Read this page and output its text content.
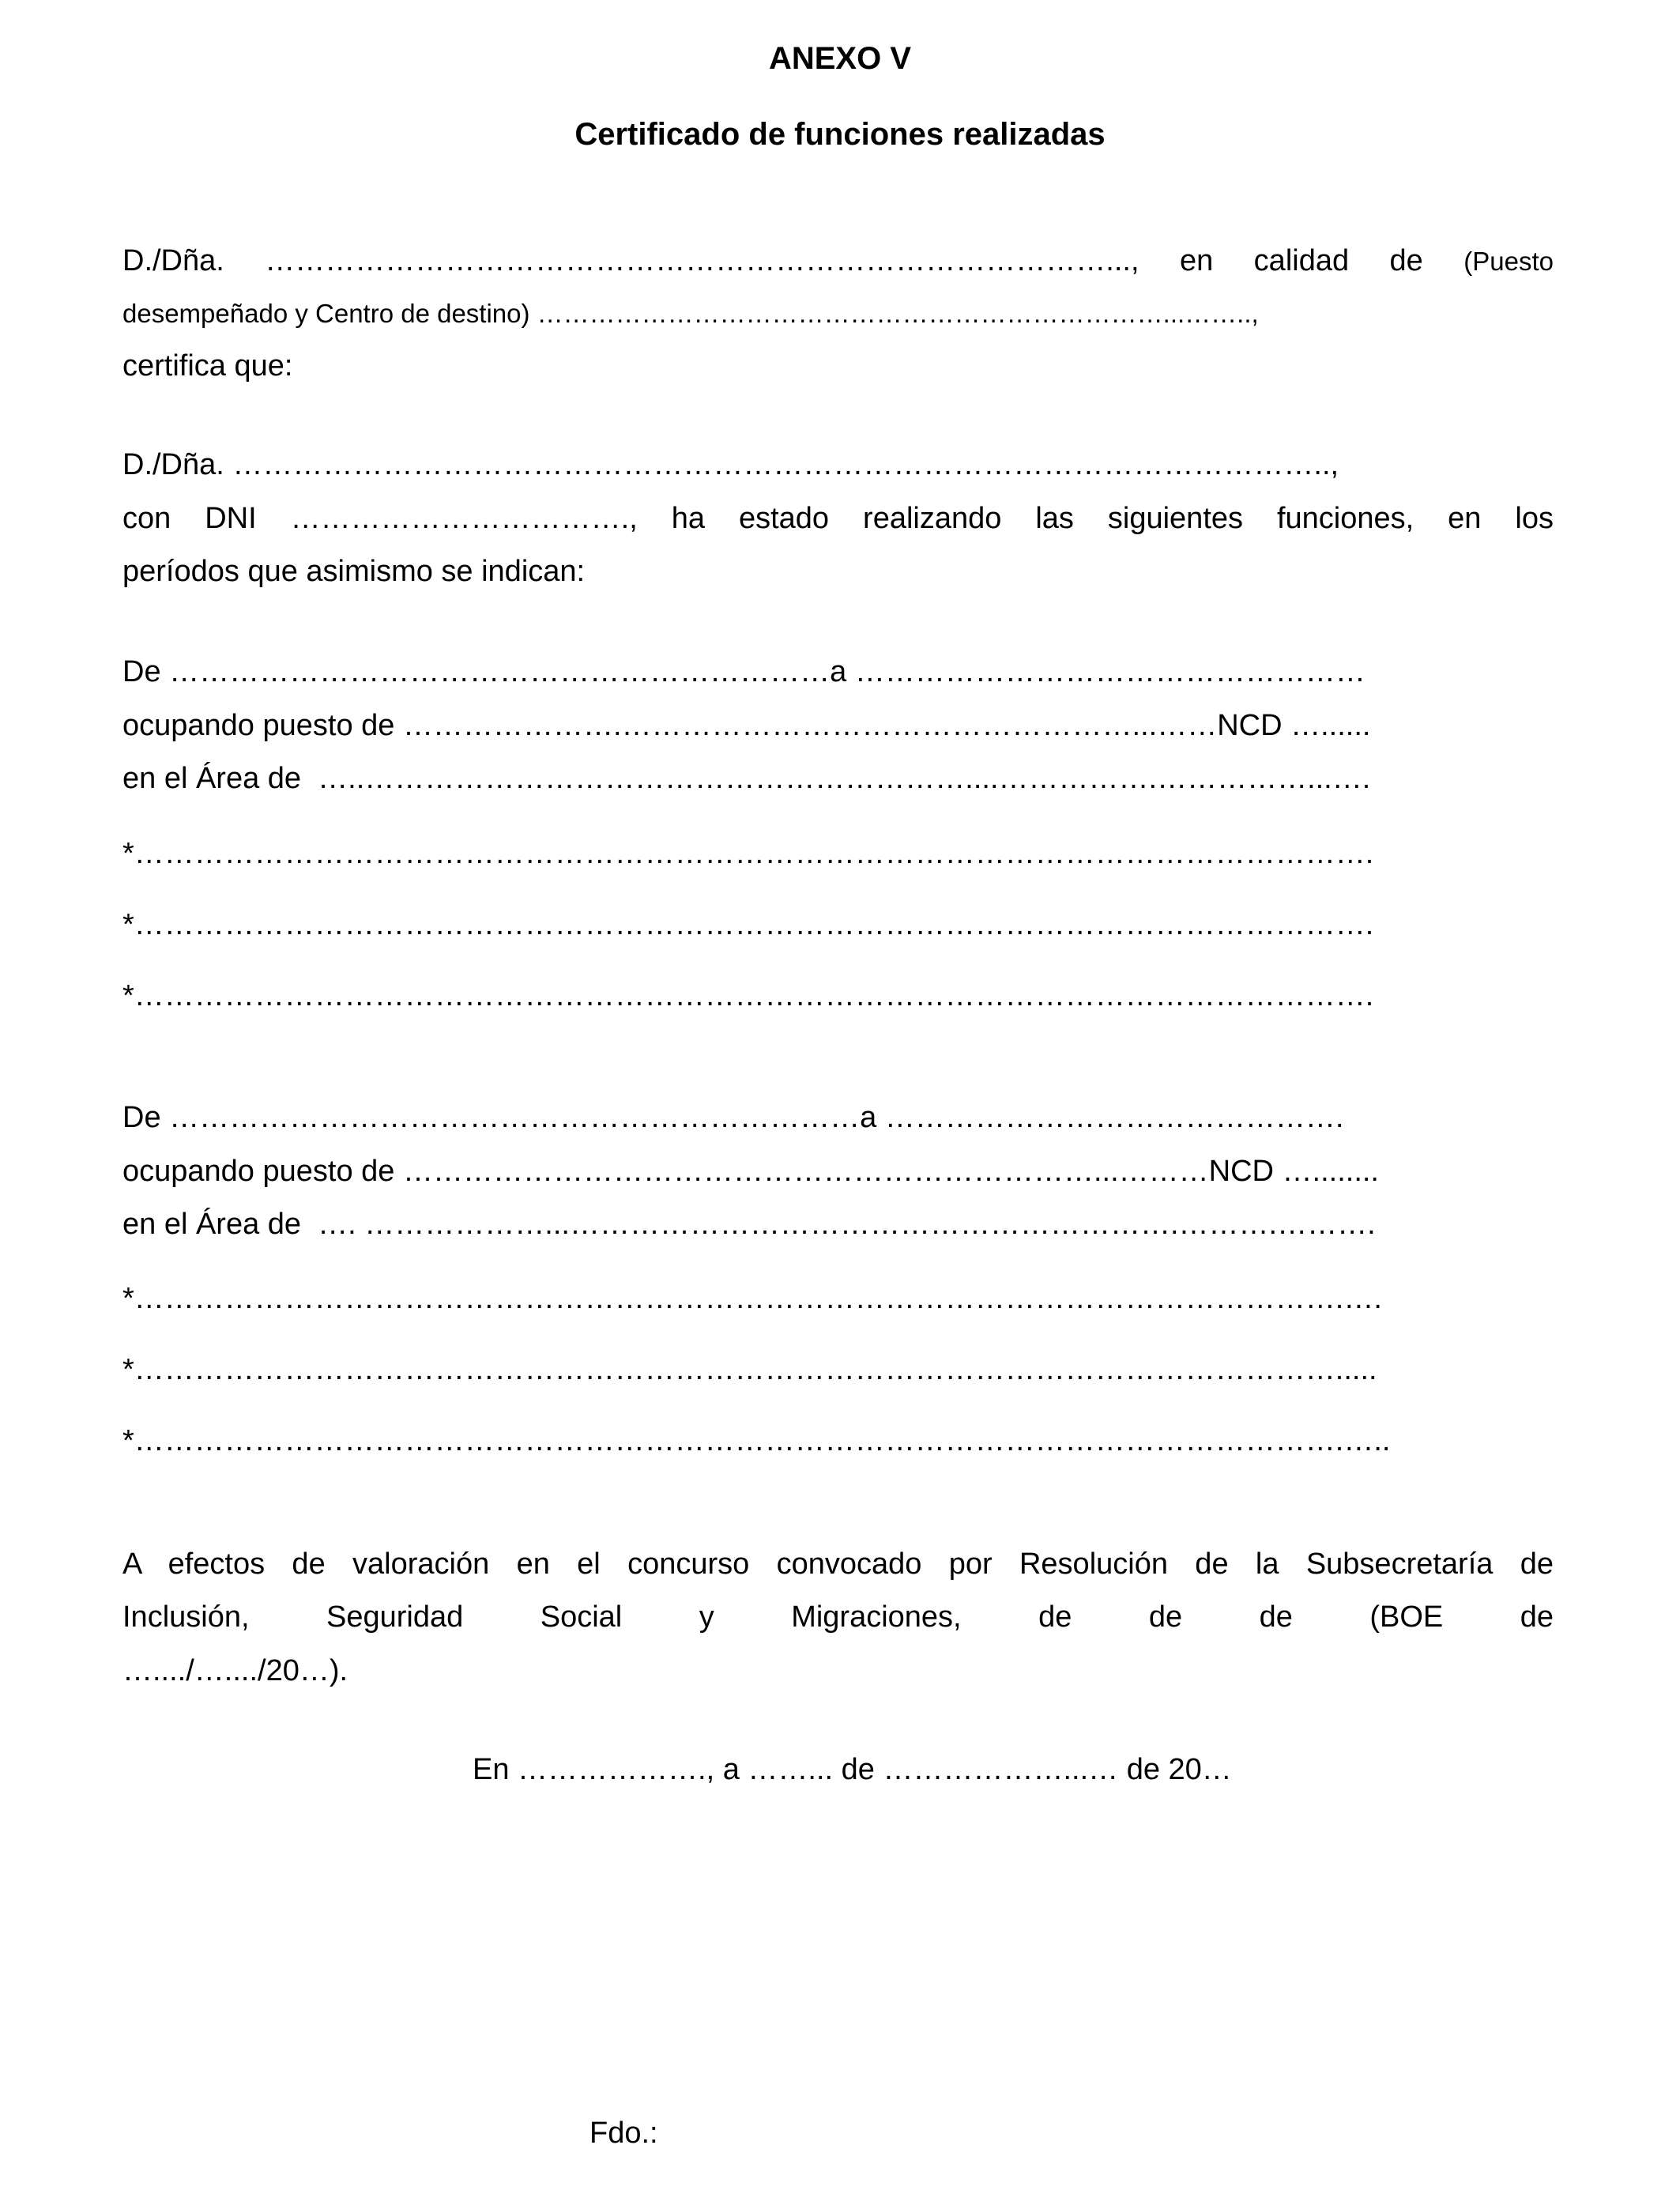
ANEXO V
Certificado de funciones realizadas
D./Dña. …………………………………………………………………………..., en calidad de (Puesto
desempeñado y Centro de destino) ………………………………………………………………...……..,
certifica que:
D./Dña. ………………………………………………………………………………………………..,
con DNI ……………………………., ha estado realizando las siguientes funciones, en los
períodos que asimismo se indican:
De …………………………………………………………a ……………………………………………
ocupando puesto de ………………….……………………………………………...……NCD …......
en el Área de  …..……………………………………………………....…………….……………...….
*…………………………………………………………………………………………………………….
*…………………………………………………………………………………………………………….
*…………………………………………………………………………………………………………….
De ……………………………………………………………a ……………………………………….
ocupando puesto de ……………………………………………………………...………NCD …........
en el Área de  …. ………………...…………………………………………………….……….……….
*………………………………………………………………………………………………………….….
*………………………………………………………………………………………………………….....
*………………………………………………………………………………………………………….…..
A efectos de valoración en el concurso convocado por Resolución de la Subsecretaría de
Inclusión, Seguridad Social y Migraciones, de de de (BOE de
…..../…..../20…).
En ………………., a ……... de ………………...… de 20…
Fdo.:
